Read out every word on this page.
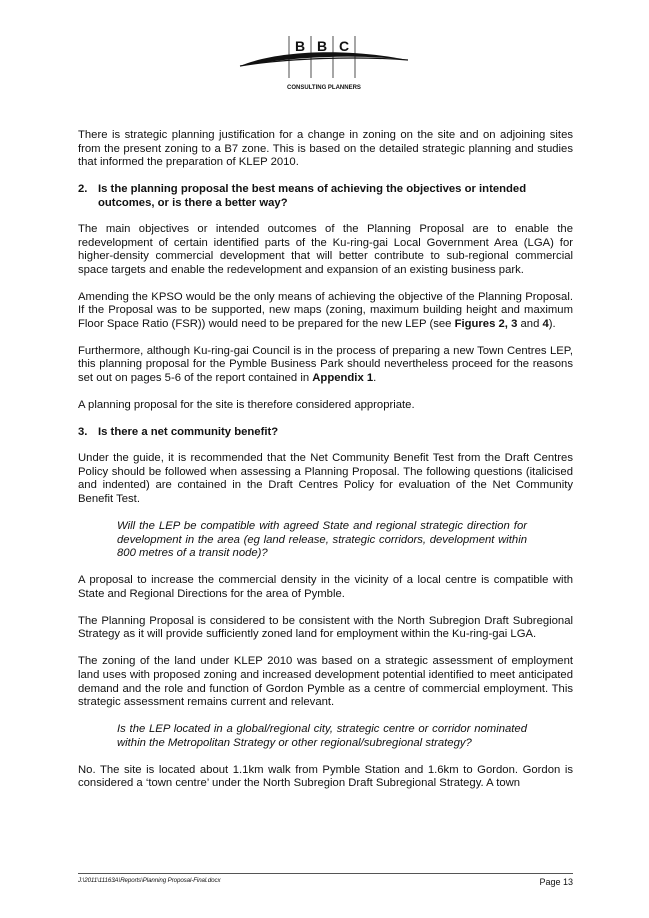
B B C
CONSULTING PLANNERS

There is strategic planning justification for a change in zoning on the site and on adjoining sites from the present zoning to a B7 zone. This is based on the detailed strategic planning and studies that informed the preparation of KLEP 2010.

2. Is the planning proposal the best means of achieving the objectives or intended outcomes, or is there a better way?

The main objectives or intended outcomes of the Planning Proposal are to enable the redevelopment of certain identified parts of the Ku-ring-gai Local Government Area (LGA) for higher-density commercial development that will better contribute to sub-regional commercial space targets and enable the redevelopment and expansion of an existing business park.

Amending the KPSO would be the only means of achieving the objective of the Planning Proposal. If the Proposal was to be supported, new maps (zoning, maximum building height and maximum Floor Space Ratio (FSR)) would need to be prepared for the new LEP (see Figures 2, 3 and 4).

Furthermore, although Ku-ring-gai Council is in the process of preparing a new Town Centres LEP, this planning proposal for the Pymble Business Park should nevertheless proceed for the reasons set out on pages 5-6 of the report contained in Appendix 1.

A planning proposal for the site is therefore considered appropriate.

3. Is there a net community benefit?

Under the guide, it is recommended that the Net Community Benefit Test from the Draft Centres Policy should be followed when assessing a Planning Proposal. The following questions (italicised and indented) are contained in the Draft Centres Policy for evaluation of the Net Community Benefit Test.

Will the LEP be compatible with agreed State and regional strategic direction for development in the area (eg land release, strategic corridors, development within 800 metres of a transit node)?

A proposal to increase the commercial density in the vicinity of a local centre is compatible with State and Regional Directions for the area of Pymble.

The Planning Proposal is considered to be consistent with the North Subregion Draft Subregional Strategy as it will provide sufficiently zoned land for employment within the Ku-ring-gai LGA.

The zoning of the land under KLEP 2010 was based on a strategic assessment of employment land uses with proposed zoning and increased development potential identified to meet anticipated demand and the role and function of Gordon Pymble as a centre of commercial employment. This strategic assessment remains current and relevant.

Is the LEP located in a global/regional city, strategic centre or corridor nominated within the Metropolitan Strategy or other regional/subregional strategy?

No. The site is located about 1.1km walk from Pymble Station and 1.6km to Gordon. Gordon is considered a ‘town centre’ under the North Subregion Draft Subregional Strategy. A town

J:\2011\11163A\Reports\Planning Proposal-Final.docx	Page 13
